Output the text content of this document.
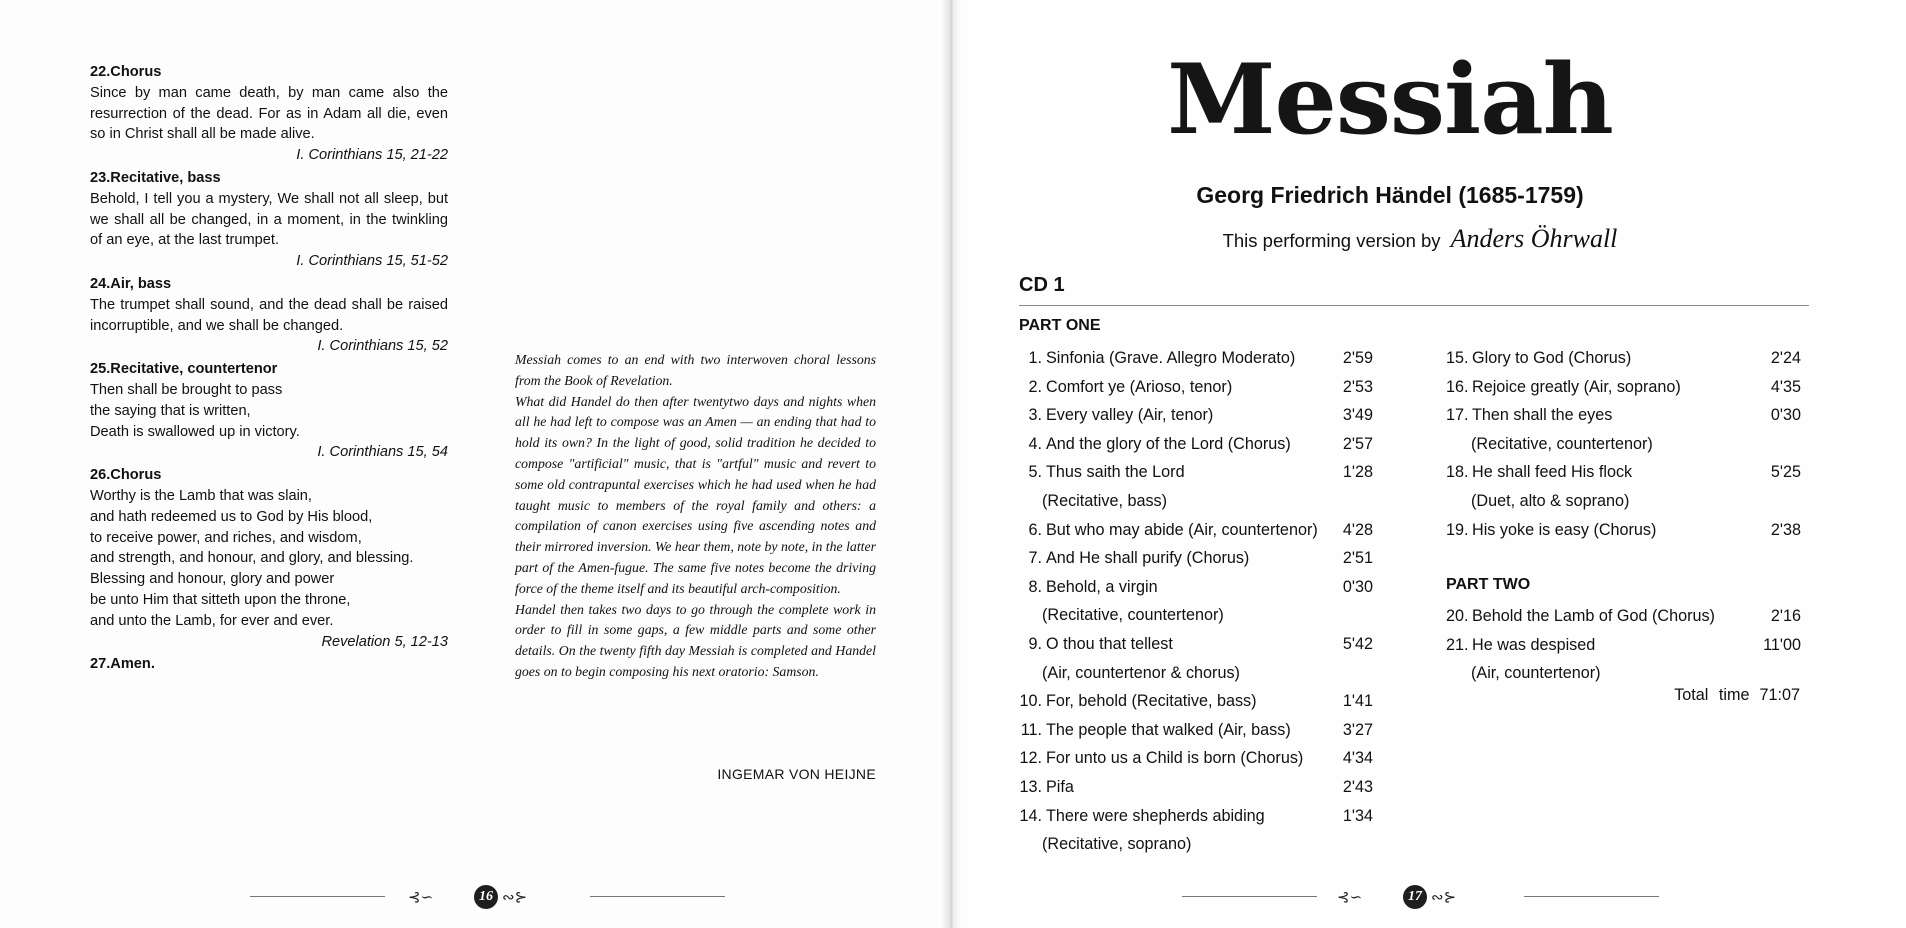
22.Chorus
Since by man came death, by man came also the resurrection of the dead. For as in Adam all die, even so in Christ shall all be made alive.
I. Corinthians 15, 21-22
23.Recitative, bass
Behold, I tell you a mystery, We shall not all sleep, but we shall all be changed, in a moment, in the twinkling of an eye, at the last trumpet.
I. Corinthians 15, 51-52
24.Air, bass
The trumpet shall sound, and the dead shall be raised incorruptible, and we shall be changed.
I. Corinthians 15, 52
25.Recitative, countertenor
Then shall be brought to pass
the saying that is written,
Death is swallowed up in victory.
I. Corinthians 15, 54
26.Chorus
Worthy is the Lamb that was slain,
and hath redeemed us to God by His blood,
to receive power, and riches, and wisdom,
and strength, and honour, and glory, and blessing.
Blessing and honour, glory and power
be unto Him that sitteth upon the throne,
and unto the Lamb, for ever and ever.
Revelation 5, 12-13
27.Amen.

Messiah comes to an end with two interwoven choral lessons from the Book of Revelation.

What did Handel do then after twentytwo days and nights when all he had left to compose was an Amen — an ending that had to hold its own? In the light of good, solid tradition he decided to compose "artificial" music, that is "artful" music and revert to some old contrapuntal exercises which he had used when he had taught music to members of the royal family and others: a compilation of canon exercises using five ascending notes and their mirrored inversion. We hear them, note by note, in the latter part of the Amen-fugue. The same five notes become the driving force of the theme itself and its beautiful arch-composition.

Handel then takes two days to go through the complete work in order to fill in some gaps, a few middle parts and some other details. On the twenty fifth day Messiah is completed and Handel goes on to begin composing his next oratorio: Samson.

INGEMAR VON HEIJNE
⊰∽	16 ∾⊱
Messiah
Georg Friedrich Händel (1685-1759)
This performing version by Anders Öhrwall
CD 1
PART ONE
PART TWO
1. Sinfonia (Grave. Allegro Moderato)	2'59
2. Comfort ye (Arioso, tenor)	2'53
3. Every valley (Air, tenor)	3'49
4. And the glory of the Lord (Chorus)	2'57
5. Thus saith the Lord	1'28
(Recitative, bass)
6. But who may abide (Air, countertenor)	4'28
7. And He shall purify (Chorus)	2'51
8. Behold, a virgin	0'30
(Recitative, countertenor)
9. O thou that tellest	5'42
(Air, countertenor & chorus)
10. For, behold (Recitative, bass)	1'41
11. The people that walked (Air, bass)	3'27
12. For unto us a Child is born (Chorus)	4'34
13. Pifa	2'43
14. There were shepherds abiding	1'34
(Recitative, soprano)
15. Glory to God (Chorus)	2'24
16. Rejoice greatly (Air, soprano)	4'35
17. Then shall the eyes	0'30
(Recitative, countertenor)
18. He shall feed His flock	5'25
(Duet, alto & soprano)
19. His yoke is easy (Chorus)	2'38
20. Behold the Lamb of God (Chorus)	2'16
21. He was despised	11'00
(Air, countertenor)
Total time 71:07
⊰∽	17 ∾⊱
